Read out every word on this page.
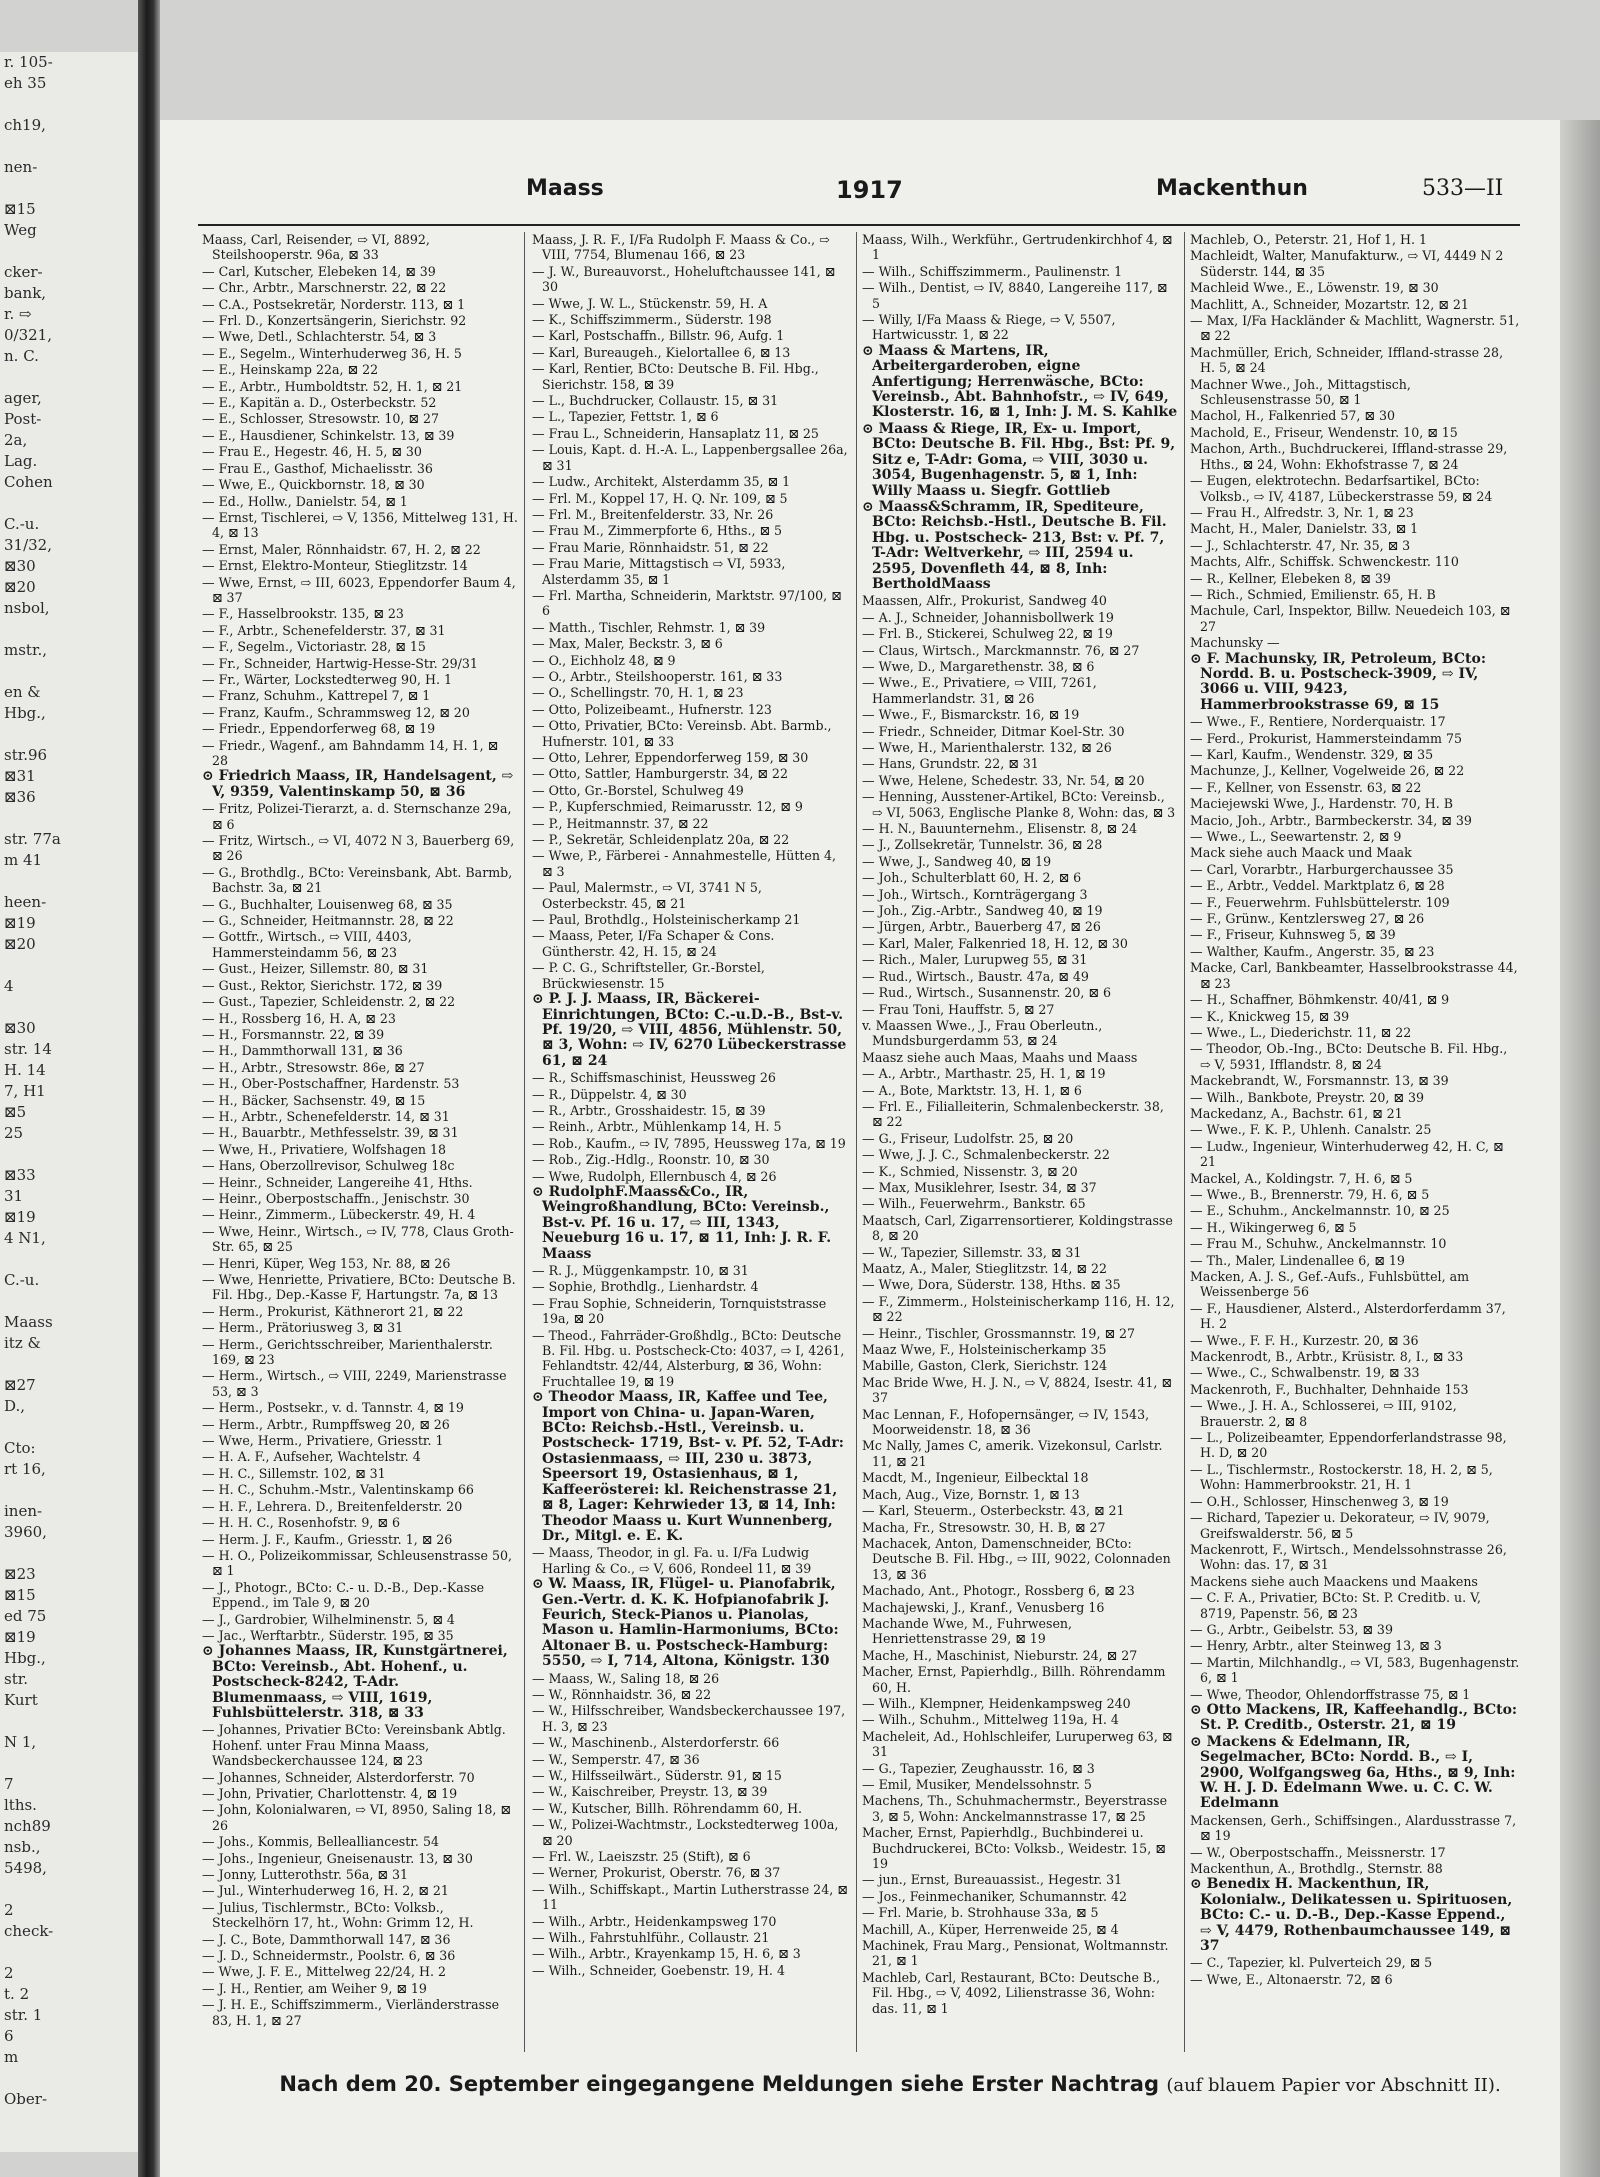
r. 105-
eh 35

ch19,

nen-

⊠15
Weg

cker-
bank,
r. ⇨
0/321,
n. C.

ager,
Post-
2a,
Lag.
Cohen

C.-u.
31/32,
⊠30
⊠20
nsbol,

mstr.,

en &
Hbg.,

str.96
⊠31
⊠36

str. 77a
m 41

heen-
⊠19
⊠20

4

⊠30
str. 14
H. 14
7, H1
⊠5
25

⊠33
31
⊠19
4 N1,

C.-u.

Maass
itz &

⊠27
D.,

Cto:
rt 16,

inen-
3960,

⊠23
⊠15
ed 75
⊠19
Hbg.,
str.
Kurt

N 1,

7
lths.
nch89
nsb.,
5498,

2
check-

2
t. 2
str. 1
6
m

Ober-
Maass	1917	Mackenthun	533—II
Maass, Carl, Reisender, ⇨ VI, 8892, Steilshooperstr. 96a, ⊠ 33
— Carl, Kutscher, Elebeken 14, ⊠ 39
— Chr., Arbtr., Marschnerstr. 22, ⊠ 22
— C.A., Postsekretär, Norderstr. 113, ⊠ 1
— Frl. D., Konzertsängerin, Sierichstr. 92
— Wwe, Detl., Schlachterstr. 54, ⊠ 3
— E., Segelm., Winterhuderweg 36, H. 5
— E., Heinskamp 22a, ⊠ 22
— E., Arbtr., Humboldtstr. 52, H. 1, ⊠ 21
— E., Kapitän a. D., Osterbeckstr. 52
— E., Schlosser, Stresowstr. 10, ⊠ 27
— E., Hausdiener, Schinkelstr. 13, ⊠ 39
— Frau E., Hegestr. 46, H. 5, ⊠ 30
— Frau E., Gasthof, Michaelisstr. 36
— Wwe, E., Quickbornstr. 18, ⊠ 30
— Ed., Hollw., Danielstr. 54, ⊠ 1
— Ernst, Tischlerei, ⇨ V, 1356, Mittelweg 131, H. 4, ⊠ 13
— Ernst, Maler, Rönnhaidstr. 67, H. 2, ⊠ 22
— Ernst, Elektro-Monteur, Stieglitzstr. 14
— Wwe, Ernst, ⇨ III, 6023, Eppendorfer Baum 4, ⊠ 37
— F., Hasselbrookstr. 135, ⊠ 23
— F., Arbtr., Schenefelderstr. 37, ⊠ 31
— F., Segelm., Victoriastr. 28, ⊠ 15
— Fr., Schneider, Hartwig-Hesse-Str. 29/31
— Fr., Wärter, Lockstedterweg 90, H. 1
— Franz, Schuhm., Kattrepel 7, ⊠ 1
— Franz, Kaufm., Schrammsweg 12, ⊠ 20
— Friedr., Eppendorferweg 68, ⊠ 19
— Friedr., Wagenf., am Bahndamm 14, H. 1, ⊠ 28
⊙ Friedrich Maass, IR, Handelsagent, ⇨ V, 9359, Valentinskamp 50, ⊠ 36
— Fritz, Polizei-Tierarzt, a. d. Sternschanze 29a, ⊠ 6
— Fritz, Wirtsch., ⇨ VI, 4072 N 3, Bauerberg 69, ⊠ 26
— G., Brothdlg., BCto: Vereinsbank, Abt. Barmb, Bachstr. 3a, ⊠ 21
— G., Buchhalter, Louisenweg 68, ⊠ 35
— G., Schneider, Heitmannstr. 28, ⊠ 22
— Gottfr., Wirtsch., ⇨ VIII, 4403, Hammersteindamm 56, ⊠ 23
— Gust., Heizer, Sillemstr. 80, ⊠ 31
— Gust., Rektor, Sierichstr. 172, ⊠ 39
— Gust., Tapezier, Schleidenstr. 2, ⊠ 22
— H., Rossberg 16, H. A, ⊠ 23
— H., Forsmannstr. 22, ⊠ 39
— H., Dammthorwall 131, ⊠ 36
— H., Arbtr., Stresowstr. 86e, ⊠ 27
— H., Ober-Postschaffner, Hardenstr. 53
— H., Bäcker, Sachsenstr. 49, ⊠ 15
— H., Arbtr., Schenefelderstr. 14, ⊠ 31
— H., Bauarbtr., Methfesselstr. 39, ⊠ 31
— Wwe, H., Privatiere, Wolfshagen 18
— Hans, Oberzollrevisor, Schulweg 18c
— Heinr., Schneider, Langereihe 41, Hths.
— Heinr., Oberpostschaffn., Jenischstr. 30
— Heinr., Zimmerm., Lübeckerstr. 49, H. 4
— Wwe, Heinr., Wirtsch., ⇨ IV, 778, Claus Groth-Str. 65, ⊠ 25
— Henri, Küper, Weg 153, Nr. 88, ⊠ 26
— Wwe, Henriette, Privatiere, BCto: Deutsche B. Fil. Hbg., Dep.-Kasse F, Hartungstr. 7a, ⊠ 13
— Herm., Prokurist, Käthnerort 21, ⊠ 22
— Herm., Prätoriusweg 3, ⊠ 31
— Herm., Gerichtsschreiber, Marienthalerstr. 169, ⊠ 23
— Herm., Wirtsch., ⇨ VIII, 2249, Marienstrasse 53, ⊠ 3
— Herm., Postsekr., v. d. Tannstr. 4, ⊠ 19
— Herm., Arbtr., Rumpffsweg 20, ⊠ 26
— Wwe, Herm., Privatiere, Griesstr. 1
— H. A. F., Aufseher, Wachtelstr. 4
— H. C., Sillemstr. 102, ⊠ 31
— H. C., Schuhm.-Mstr., Valentinskamp 66
— H. F., Lehrera. D., Breitenfelderstr. 20
— H. H. C., Rosenhofstr. 9, ⊠ 6
— Herm. J. F., Kaufm., Griesstr. 1, ⊠ 26
— H. O., Polizeikommissar, Schleusenstrasse 50, ⊠ 1
— J., Photogr., BCto: C.- u. D.-B., Dep.-Kasse Eppend., im Tale 9, ⊠ 20
— J., Gardrobier, Wilhelminenstr. 5, ⊠ 4
— Jac., Werftarbtr., Süderstr. 195, ⊠ 35
⊙ Johannes Maass, IR, Kunstgärtnerei, BCto: Vereinsb., Abt. Hohenf., u. Postscheck-8242, T-Adr. Blumenmaass, ⇨ VIII, 1619, Fuhlsbüttelerstr. 318, ⊠ 33
— Johannes, Privatier BCto: Vereinsbank Abtlg. Hohenf. unter Frau Minna Maass, Wandsbeckerchaussee 124, ⊠ 23
— Johannes, Schneider, Alsterdorferstr. 70
— John, Privatier, Charlottenstr. 4, ⊠ 19
— John, Kolonialwaren, ⇨ VI, 8950, Saling 18, ⊠ 26
— Johs., Kommis, Bellealliancestr. 54
— Johs., Ingenieur, Gneisenaustr. 13, ⊠ 30
— Jonny, Lutterothstr. 56a, ⊠ 31
— Jul., Winterhuderweg 16, H. 2, ⊠ 21
— Julius, Tischlermstr., BCto: Volksb., Steckelhörn 17, ht., Wohn: Grimm 12, H.
— J. C., Bote, Dammthorwall 147, ⊠ 36
— J. D., Schneidermstr., Poolstr. 6, ⊠ 36
— Wwe, J. F. E., Mittelweg 22/24, H. 2
— J. H., Rentier, am Weiher 9, ⊠ 19
— J. H. E., Schiffszimmerm., Vierländerstrasse 83, H. 1, ⊠ 27
Maass, J. R. F., I/Fa Rudolph F. Maass & Co., ⇨ VIII, 7754, Blumenau 166, ⊠ 23
— J. W., Bureauvorst., Hoheluftchaussee 141, ⊠ 30
— Wwe, J. W. L., Stückenstr. 59, H. A
— K., Schiffszimmerm., Süderstr. 198
— Karl, Postschaffn., Billstr. 96, Aufg. 1
— Karl, Bureaugeh., Kielortallee 6, ⊠ 13
— Karl, Rentier, BCto: Deutsche B. Fil. Hbg., Sierichstr. 158, ⊠ 39
— L., Buchdrucker, Collaustr. 15, ⊠ 31
— L., Tapezier, Fettstr. 1, ⊠ 6
— Frau L., Schneiderin, Hansaplatz 11, ⊠ 25
— Louis, Kapt. d. H.-A. L., Lappenbergsallee 26a, ⊠ 31
— Ludw., Architekt, Alsterdamm 35, ⊠ 1
— Frl. M., Koppel 17, H. Q. Nr. 109, ⊠ 5
— Frl. M., Breitenfelderstr. 33, Nr. 26
— Frau M., Zimmerpforte 6, Hths., ⊠ 5
— Frau Marie, Rönnhaidstr. 51, ⊠ 22
— Frau Marie, Mittagstisch ⇨ VI, 5933, Alsterdamm 35, ⊠ 1
— Frl. Martha, Schneiderin, Marktstr. 97/100, ⊠ 6
— Matth., Tischler, Rehmstr. 1, ⊠ 39
— Max, Maler, Beckstr. 3, ⊠ 6
— O., Eichholz 48, ⊠ 9
— O., Arbtr., Steilshooperstr. 161, ⊠ 33
— O., Schellingstr. 70, H. 1, ⊠ 23
— Otto, Polizeibeamt., Hufnerstr. 123
— Otto, Privatier, BCto: Vereinsb. Abt. Barmb., Hufnerstr. 101, ⊠ 33
— Otto, Lehrer, Eppendorferweg 159, ⊠ 30
— Otto, Sattler, Hamburgerstr. 34, ⊠ 22
— Otto, Gr.-Borstel, Schulweg 49
— P., Kupferschmied, Reimarusstr. 12, ⊠ 9
— P., Heitmannstr. 37, ⊠ 22
— P., Sekretär, Schleidenplatz 20a, ⊠ 22
— Wwe, P., Färberei - Annahmestelle, Hütten 4, ⊠ 3
— Paul, Malermstr., ⇨ VI, 3741 N 5, Osterbeckstr. 45, ⊠ 21
— Paul, Brothdlg., Holsteinischerkamp 21
— Maass, Peter, I/Fa Schaper & Cons. Güntherstr. 42, H. 15, ⊠ 24
— P. C. G., Schriftsteller, Gr.-Borstel, Brückwiesenstr. 15
⊙ P. J. J. Maass, IR, Bäckerei-Einrichtungen, BCto: C.-u.D.-B., Bst-v. Pf. 19/20, ⇨ VIII, 4856, Mühlenstr. 50, ⊠ 3, Wohn: ⇨ IV, 6270 Lübeckerstrasse 61, ⊠ 24
— R., Schiffsmaschinist, Heussweg 26
— R., Düppelstr. 4, ⊠ 30
— R., Arbtr., Grosshaidestr. 15, ⊠ 39
— Reinh., Arbtr., Mühlenkamp 14, H. 5
— Rob., Kaufm., ⇨ IV, 7895, Heussweg 17a, ⊠ 19
— Rob., Zig.-Hdlg., Roonstr. 10, ⊠ 30
— Wwe, Rudolph, Ellernbusch 4, ⊠ 26
⊙ RudolphF.Maass&Co., IR, Weingroßhandlung, BCto: Vereinsb., Bst-v. Pf. 16 u. 17, ⇨ III, 1343, Neueburg 16 u. 17, ⊠ 11, Inh: J. R. F. Maass
— R. J., Müggenkampstr. 10, ⊠ 31
— Sophie, Brothdlg., Lienhardstr. 4
— Frau Sophie, Schneiderin, Tornquiststrasse 19a, ⊠ 20
— Theod., Fahrräder-Großhdlg., BCto: Deutsche B. Fil. Hbg. u. Postscheck-Cto: 4037, ⇨ I, 4261, Fehlandtstr. 42/44, Alsterburg, ⊠ 36, Wohn: Fruchtallee 19, ⊠ 19
⊙ Theodor Maass, IR, Kaffee und Tee, Import von China- u. Japan-Waren, BCto: Reichsb.-Hstl., Vereinsb. u. Postscheck- 1719, Bst- v. Pf. 52, T-Adr: Ostasienmaass, ⇨ III, 230 u. 3873, Speersort 19, Ostasienhaus, ⊠ 1, Kaffeerösterei: kl. Reichenstrasse 21, ⊠ 8, Lager: Kehrwieder 13, ⊠ 14, Inh: Theodor Maass u. Kurt Wunnenberg, Dr., Mitgl. e. E. K.
— Maass, Theodor, in gl. Fa. u. I/Fa Ludwig Harling & Co., ⇨ V, 606, Rondeel 11, ⊠ 39
⊙ W. Maass, IR, Flügel- u. Pianofabrik, Gen.-Vertr. d. K. K. Hofpianofabrik J. Feurich, Steck-Pianos u. Pianolas, Mason u. Hamlin-Harmoniums, BCto: Altonaer B. u. Postscheck-Hamburg: 5550, ⇨ I, 714, Altona, Königstr. 130
— Maass, W., Saling 18, ⊠ 26
— W., Rönnhaidstr. 36, ⊠ 22
— W., Hilfsschreiber, Wandsbeckerchaussee 197, H. 3, ⊠ 23
— W., Maschinenb., Alsterdorferstr. 66
— W., Semperstr. 47, ⊠ 36
— W., Hilfsseilwärt., Süderstr. 91, ⊠ 15
— W., Kaischreiber, Preystr. 13, ⊠ 39
— W., Kutscher, Billh. Röhrendamm 60, H.
— W., Polizei-Wachtmstr., Lockstedterweg 100a, ⊠ 20
— Frl. W., Laeiszstr. 25 (Stift), ⊠ 6
— Werner, Prokurist, Oberstr. 76, ⊠ 37
— Wilh., Schiffskapt., Martin Lutherstrasse 24, ⊠ 11
— Wilh., Arbtr., Heidenkampsweg 170
— Wilh., Fahrstuhlführ., Collaustr. 21
— Wilh., Arbtr., Krayenkamp 15, H. 6, ⊠ 3
— Wilh., Schneider, Goebenstr. 19, H. 4
Maass, Wilh., Werkführ., Gertrudenkirchhof 4, ⊠ 1
— Wilh., Schiffszimmerm., Paulinenstr. 1
— Wilh., Dentist, ⇨ IV, 8840, Langereihe 117, ⊠ 5
— Willy, I/Fa Maass & Riege, ⇨ V, 5507, Hartwicusstr. 1, ⊠ 22
⊙ Maass & Martens, IR, Arbeitergarderoben, eigne Anfertigung; Herrenwäsche, BCto: Vereinsb., Abt. Bahnhofstr., ⇨ IV, 649, Klosterstr. 16, ⊠ 1, Inh: J. M. S. Kahlke
⊙ Maass & Riege, IR, Ex- u. Import, BCto: Deutsche B. Fil. Hbg., Bst: Pf. 9, Sitz e, T-Adr: Goma, ⇨ VIII, 3030 u. 3054, Bugenhagenstr. 5, ⊠ 1, Inh: Willy Maass u. Siegfr. Gottlieb
⊙ Maass&Schramm, IR, Spediteure, BCto: Reichsb.-Hstl., Deutsche B. Fil. Hbg. u. Postscheck- 213, Bst: v. Pf. 7, T-Adr: Weltverkehr, ⇨ III, 2594 u. 2595, Dovenfleth 44, ⊠ 8, Inh: BertholdMaass
Maassen, Alfr., Prokurist, Sandweg 40
— A. J., Schneider, Johannisbollwerk 19
— Frl. B., Stickerei, Schulweg 22, ⊠ 19
— Claus, Wirtsch., Marckmannstr. 76, ⊠ 27
— Wwe, D., Margarethenstr. 38, ⊠ 6
— Wwe., E., Privatiere, ⇨ VIII, 7261, Hammerlandstr. 31, ⊠ 26
— Wwe., F., Bismarckstr. 16, ⊠ 19
— Friedr., Schneider, Ditmar Koel-Str. 30
— Wwe, H., Marienthalerstr. 132, ⊠ 26
— Hans, Grundstr. 22, ⊠ 31
— Wwe, Helene, Schedestr. 33, Nr. 54, ⊠ 20
— Henning, Ausstener-Artikel, BCto: Vereinsb., ⇨ VI, 5063, Englische Planke 8, Wohn: das, ⊠ 3
— H. N., Bauunternehm., Elisenstr. 8, ⊠ 24
— J., Zollsekretär, Tunnelstr. 36, ⊠ 28
— Wwe, J., Sandweg 40, ⊠ 19
— Joh., Schulterblatt 60, H. 2, ⊠ 6
— Joh., Wirtsch., Kornträgergang 3
— Joh., Zig.-Arbtr., Sandweg 40, ⊠ 19
— Jürgen, Arbtr., Bauerberg 47, ⊠ 26
— Karl, Maler, Falkenried 18, H. 12, ⊠ 30
— Rich., Maler, Lurupweg 55, ⊠ 31
— Rud., Wirtsch., Baustr. 47a, ⊠ 49
— Rud., Wirtsch., Susannenstr. 20, ⊠ 6
— Frau Toni, Hauffstr. 5, ⊠ 27
v. Maassen Wwe., J., Frau Oberleutn., Mundsburgerdamm 53, ⊠ 24
Maasz siehe auch Maas, Maahs und Maass
— A., Arbtr., Marthastr. 25, H. 1, ⊠ 19
— A., Bote, Marktstr. 13, H. 1, ⊠ 6
— Frl. E., Filialleiterin, Schmalenbeckerstr. 38, ⊠ 22
— G., Friseur, Ludolfstr. 25, ⊠ 20
— Wwe, J. J. C., Schmalenbeckerstr. 22
— K., Schmied, Nissenstr. 3, ⊠ 20
— Max, Musiklehrer, Isestr. 34, ⊠ 37
— Wilh., Feuerwehrm., Bankstr. 65
Maatsch, Carl, Zigarrensortierer, Koldingstrasse 8, ⊠ 20
— W., Tapezier, Sillemstr. 33, ⊠ 31
Maatz, A., Maler, Stieglitzstr. 14, ⊠ 22
— Wwe, Dora, Süderstr. 138, Hths. ⊠ 35
— F., Zimmerm., Holsteinischerkamp 116, H. 12, ⊠ 22
— Heinr., Tischler, Grossmannstr. 19, ⊠ 27
Maaz Wwe, F., Holsteinischerkamp 35
Mabille, Gaston, Clerk, Sierichstr. 124
Mac Bride Wwe, H. J. N., ⇨ V, 8824, Isestr. 41, ⊠ 37
Mac Lennan, F., Hofopernsänger, ⇨ IV, 1543, Moorweidenstr. 18, ⊠ 36
Mc Nally, James C, amerik. Vizekonsul, Carlstr. 11, ⊠ 21
Macdt, M., Ingenieur, Eilbecktal 18
Mach, Aug., Vize, Bornstr. 1, ⊠ 13
— Karl, Steuerm., Osterbeckstr. 43, ⊠ 21
Macha, Fr., Stresowstr. 30, H. B, ⊠ 27
Machacek, Anton, Damenschneider, BCto: Deutsche B. Fil. Hbg., ⇨ III, 9022, Colonnaden 13, ⊠ 36
Machado, Ant., Photogr., Rossberg 6, ⊠ 23
Machajewski, J., Kranf., Venusberg 16
Machande Wwe, M., Fuhrwesen, Henriettenstrasse 29, ⊠ 19
Mache, H., Maschinist, Nieburstr. 24, ⊠ 27
Macher, Ernst, Papierhdlg., Billh. Röhrendamm 60, H.
— Wilh., Klempner, Heidenkampsweg 240
— Wilh., Schuhm., Mittelweg 119a, H. 4
Macheleit, Ad., Hohlschleifer, Luruperweg 63, ⊠ 31
— G., Tapezier, Zeughausstr. 16, ⊠ 3
— Emil, Musiker, Mendelssohnstr. 5
Machens, Th., Schuhmachermstr., Beyerstrasse 3, ⊠ 5, Wohn: Anckelmannstrasse 17, ⊠ 25
Macher, Ernst, Papierhdlg., Buchbinderei u. Buchdruckerei, BCto: Volksb., Weidestr. 15, ⊠ 19
— jun., Ernst, Bureauassist., Hegestr. 31
— Jos., Feinmechaniker, Schumannstr. 42
— Frl. Marie, b. Strohhause 33a, ⊠ 5
Machill, A., Küper, Herrenweide 25, ⊠ 4
Machinek, Frau Marg., Pensionat, Woltmannstr. 21, ⊠ 1
Machleb, Carl, Restaurant, BCto: Deutsche B., Fil. Hbg., ⇨ V, 4092, Lilienstrasse 36, Wohn: das. 11, ⊠ 1
Machleb, O., Peterstr. 21, Hof 1, H. 1
Machleidt, Walter, Manufakturw., ⇨ VI, 4449 N 2 Süderstr. 144, ⊠ 35
Machleid Wwe., E., Löwenstr. 19, ⊠ 30
Machlitt, A., Schneider, Mozartstr. 12, ⊠ 21
— Max, I/Fa Hackländer & Machlitt, Wagnerstr. 51, ⊠ 22
Machmüller, Erich, Schneider, Iffland-strasse 28, H. 5, ⊠ 24
Machner Wwe., Joh., Mittagstisch, Schleusenstrasse 50, ⊠ 1
Machol, H., Falkenried 57, ⊠ 30
Machold, E., Friseur, Wendenstr. 10, ⊠ 15
Machon, Arth., Buchdruckerei, Iffland-strasse 29, Hths., ⊠ 24, Wohn: Ekhofstrasse 7, ⊠ 24
— Eugen, elektrotechn. Bedarfsartikel, BCto: Volksb., ⇨ IV, 4187, Lübeckerstrasse 59, ⊠ 24
— Frau H., Alfredstr. 3, Nr. 1, ⊠ 23
Macht, H., Maler, Danielstr. 33, ⊠ 1
— J., Schlachterstr. 47, Nr. 35, ⊠ 3
Machts, Alfr., Schiffsk. Schwenckestr. 110
— R., Kellner, Elebeken 8, ⊠ 39
— Rich., Schmied, Emilienstr. 65, H. B
Machule, Carl, Inspektor, Billw. Neuedeich 103, ⊠ 27
Machunsky —
⊙ F. Machunsky, IR, Petroleum, BCto: Nordd. B. u. Postscheck-3909, ⇨ IV, 3066 u. VIII, 9423, Hammerbrookstrasse 69, ⊠ 15
— Wwe., F., Rentiere, Norderquaistr. 17
— Ferd., Prokurist, Hammersteindamm 75
— Karl, Kaufm., Wendenstr. 329, ⊠ 35
Machunze, J., Kellner, Vogelweide 26, ⊠ 22
— F., Kellner, von Essenstr. 63, ⊠ 22
Maciejewski Wwe, J., Hardenstr. 70, H. B
Macio, Joh., Arbtr., Barmbeckerstr. 34, ⊠ 39
— Wwe., L., Seewartenstr. 2, ⊠ 9
Mack siehe auch Maack und Maak
— Carl, Vorarbtr., Harburgerchaussee 35
— E., Arbtr., Veddel. Marktplatz 6, ⊠ 28
— F., Feuerwehrm. Fuhlsbüttelerstr. 109
— F., Grünw., Kentzlersweg 27, ⊠ 26
— F., Friseur, Kuhnsweg 5, ⊠ 39
— Walther, Kaufm., Angerstr. 35, ⊠ 23
Macke, Carl, Bankbeamter, Hasselbrookstrasse 44, ⊠ 23
— H., Schaffner, Böhmkenstr. 40/41, ⊠ 9
— K., Knickweg 15, ⊠ 39
— Wwe., L., Diederichstr. 11, ⊠ 22
— Theodor, Ob.-Ing., BCto: Deutsche B. Fil. Hbg., ⇨ V, 5931, Ifflandstr. 8, ⊠ 24
Mackebrandt, W., Forsmannstr. 13, ⊠ 39
— Wilh., Bankbote, Preystr. 20, ⊠ 39
Mackedanz, A., Bachstr. 61, ⊠ 21
— Wwe., F. K. P., Uhlenh. Canalstr. 25
— Ludw., Ingenieur, Winterhuderweg 42, H. C, ⊠ 21
Mackel, A., Koldingstr. 7, H. 6, ⊠ 5
— Wwe., B., Brennerstr. 79, H. 6, ⊠ 5
— E., Schuhm., Anckelmannstr. 10, ⊠ 25
— H., Wikingerweg 6, ⊠ 5
— Frau M., Schuhw., Anckelmannstr. 10
— Th., Maler, Lindenallee 6, ⊠ 19
Macken, A. J. S., Gef.-Aufs., Fuhlsbüttel, am Weissenberge 56
— F., Hausdiener, Alsterd., Alsterdorferdamm 37, H. 2
— Wwe., F. F. H., Kurzestr. 20, ⊠ 36
Mackenrodt, B., Arbtr., Krüsistr. 8, I., ⊠ 33
— Wwe., C., Schwalbenstr. 19, ⊠ 33
Mackenroth, F., Buchhalter, Dehnhaide 153
— Wwe., J. H. A., Schlosserei, ⇨ III, 9102, Brauerstr. 2, ⊠ 8
— L., Polizeibeamter, Eppendorferlandstrasse 98, H. D, ⊠ 20
— L., Tischlermstr., Rostockerstr. 18, H. 2, ⊠ 5, Wohn: Hammerbrookstr. 21, H. 1
— O.H., Schlosser, Hinschenweg 3, ⊠ 19
— Richard, Tapezier u. Dekorateur, ⇨ IV, 9079, Greifswalderstr. 56, ⊠ 5
Mackenrott, F., Wirtsch., Mendelssohnstrasse 26, Wohn: das. 17, ⊠ 31
Mackens siehe auch Maackens und Maakens
— C. F. A., Privatier, BCto: St. P. Creditb. u. V, 8719, Papenstr. 56, ⊠ 23
— G., Arbtr., Geibelstr. 53, ⊠ 39
— Henry, Arbtr., alter Steinweg 13, ⊠ 3
— Martin, Milchhandlg., ⇨ VI, 583, Bugenhagenstr. 6, ⊠ 1
— Wwe, Theodor, Ohlendorffstrasse 75, ⊠ 1
⊙ Otto Mackens, IR, Kaffeehandlg., BCto: St. P. Creditb., Osterstr. 21, ⊠ 19
⊙ Mackens & Edelmann, IR, Segelmacher, BCto: Nordd. B., ⇨ I, 2900, Wolfgangsweg 6a, Hths., ⊠ 9, Inh: W. H. J. D. Edelmann Wwe. u. C. C. W. Edelmann
Mackensen, Gerh., Schiffsingen., Alardusstrasse 7, ⊠ 19
— W., Oberpostschaffn., Meissnerstr. 17
Mackenthun, A., Brothdlg., Sternstr. 88
⊙ Benedix H. Mackenthun, IR, Kolonialw., Delikatessen u. Spirituosen, BCto: C.- u. D.-B., Dep.-Kasse Eppend., ⇨ V, 4479, Rothenbaumchaussee 149, ⊠ 37
— C., Tapezier, kl. Pulverteich 29, ⊠ 5
— Wwe, E., Altonaerstr. 72, ⊠ 6
Nach dem 20. September eingegangene Meldungen siehe Erster Nachtrag (auf blauem Papier vor Abschnitt II).
